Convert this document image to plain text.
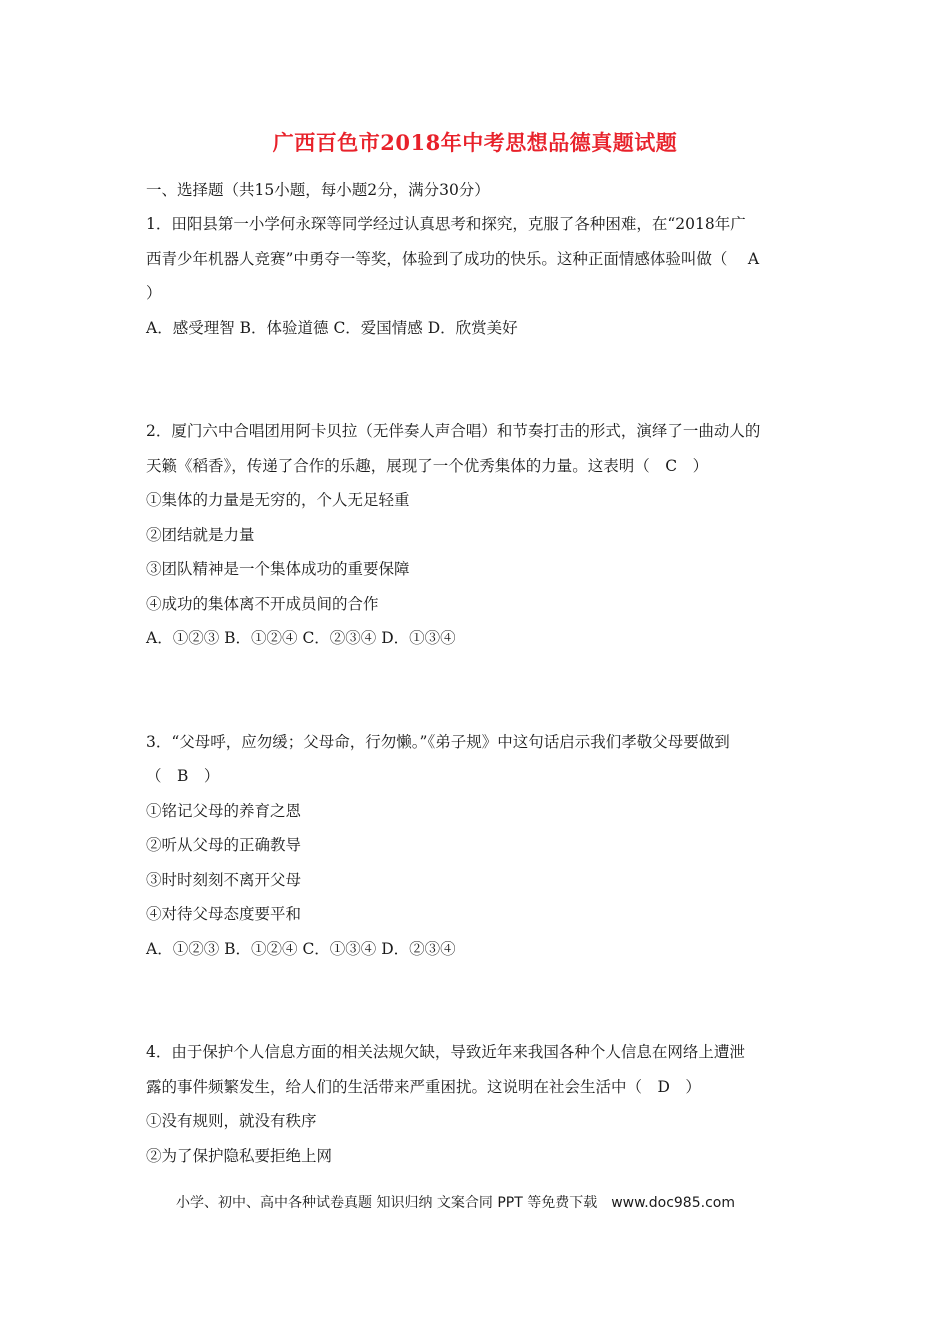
广西百色市2018年中考思想品德真题试题
一、选择题（共15小题，每小题2分，满分30分）
1．田阳县第一小学何永琛等同学经过认真思考和探究，克服了各种困难，在“2018年广
西青少年机器人竞赛”中勇夺一等奖，体验到了成功的快乐。这种正面情感体验叫做（　 A
）
A．感受理智 B．体验道德 C．爱国情感 D．欣赏美好
2．厦门六中合唱团用阿卡贝拉（无伴奏人声合唱）和节奏打击的形式，演绎了一曲动人的
天籁《稻香》，传递了合作的乐趣，展现了一个优秀集体的力量。这表明（　C　）
①集体的力量是无穷的，个人无足轻重
②团结就是力量
③团队精神是一个集体成功的重要保障
④成功的集体离不开成员间的合作
A．①②③ B．①②④ C．②③④ D．①③④
3．“父母呼，应勿缓；父母命，行勿懒。”《弟子规》中这句话启示我们孝敬父母要做到
（　B　）
①铭记父母的养育之恩
②听从父母的正确教导
③时时刻刻不离开父母
④对待父母态度要平和
A．①②③ B．①②④ C．①③④ D．②③④
4．由于保护个人信息方面的相关法规欠缺，导致近年来我国各种个人信息在网络上遭泄
露的事件频繁发生，给人们的生活带来严重困扰。这说明在社会生活中（　D　）
①没有规则，就没有秩序
②为了保护隐私要拒绝上网
小学、初中、高中各种试卷真题 知识归纳 文案合同 PPT 等免费下载　www.doc985.com
